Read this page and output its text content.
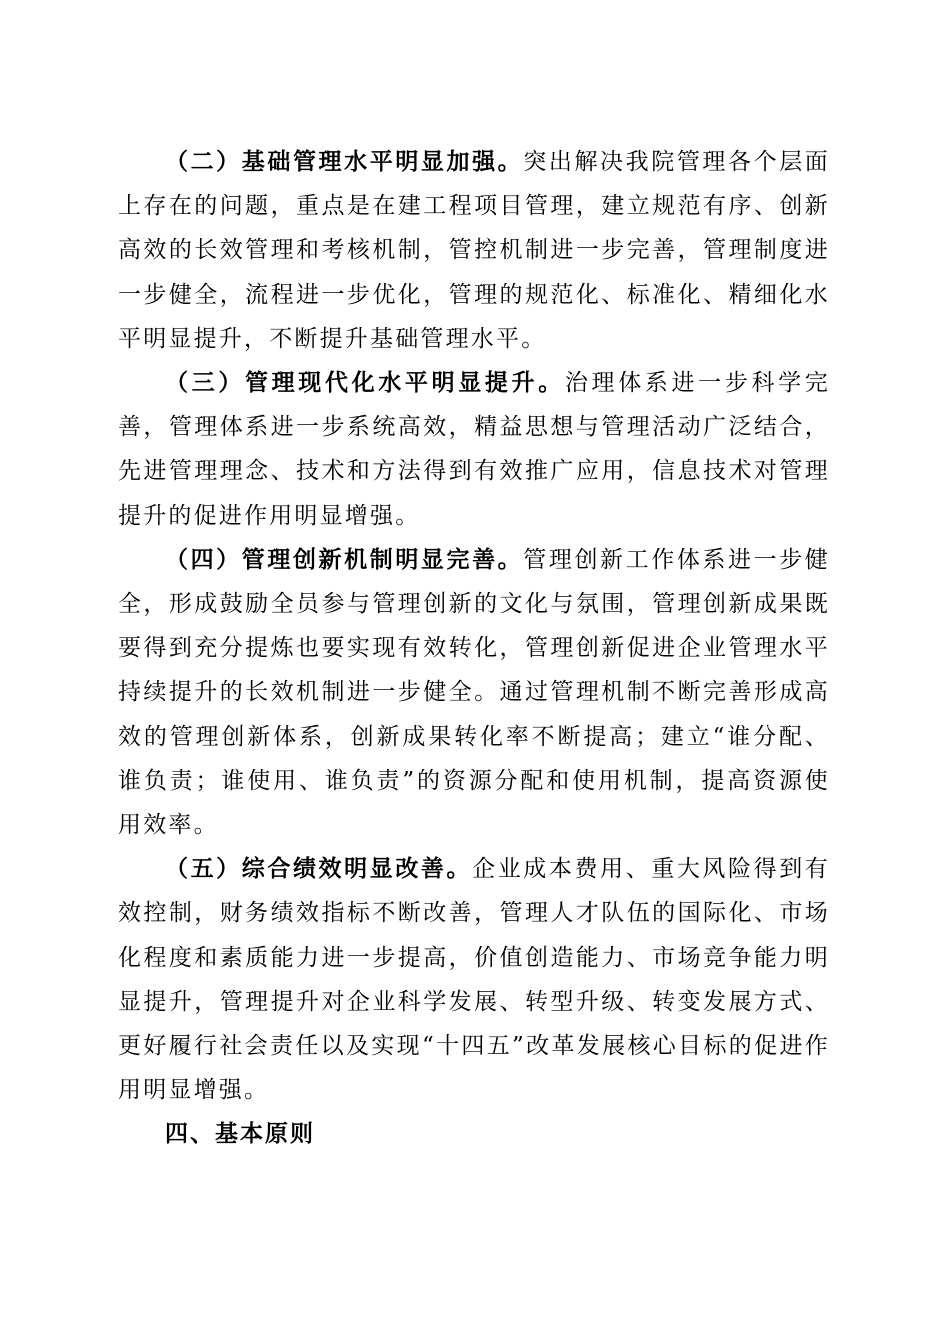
（二）基础管理水平明显加强。突出解决我院管理各个层面上存在的问题，重点是在建工程项目管理，建立规范有序、创新高效的长效管理和考核机制，管控机制进一步完善，管理制度进一步健全，流程进一步优化，管理的规范化、标准化、精细化水平明显提升，不断提升基础管理水平。

（三）管理现代化水平明显提升。治理体系进一步科学完善，管理体系进一步系统高效，精益思想与管理活动广泛结合，先进管理理念、技术和方法得到有效推广应用，信息技术对管理提升的促进作用明显增强。

（四）管理创新机制明显完善。管理创新工作体系进一步健全，形成鼓励全员参与管理创新的文化与氛围，管理创新成果既要得到充分提炼也要实现有效转化，管理创新促进企业管理水平持续提升的长效机制进一步健全。通过管理机制不断完善形成高效的管理创新体系，创新成果转化率不断提高；建立“谁分配、谁负责；谁使用、谁负责”的资源分配和使用机制，提高资源使用效率。

（五）综合绩效明显改善。企业成本费用、重大风险得到有效控制，财务绩效指标不断改善，管理人才队伍的国际化、市场化程度和素质能力进一步提高，价值创造能力、市场竞争能力明显提升，管理提升对企业科学发展、转型升级、转变发展方式、更好履行社会责任以及实现“十四五”改革发展核心目标的促进作用明显增强。

四、基本原则
